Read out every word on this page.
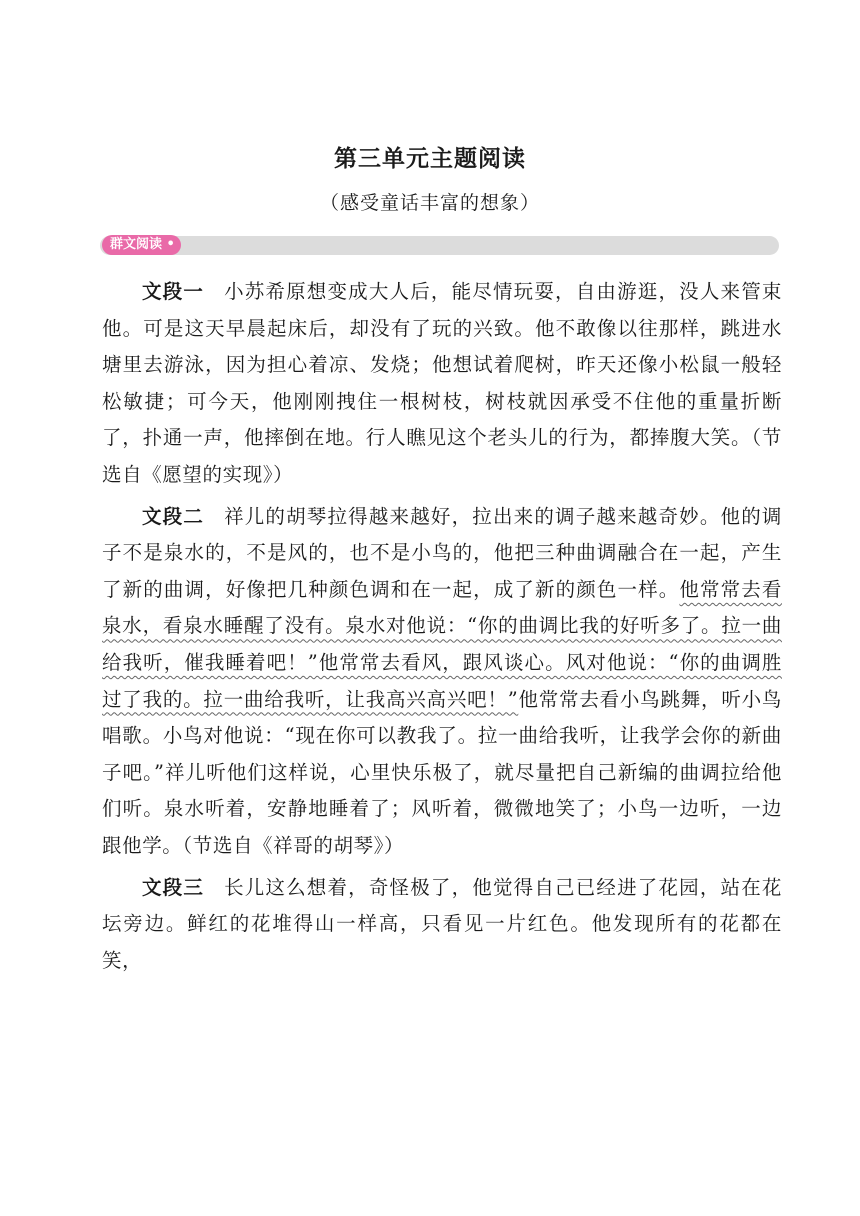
第三单元主题阅读
（感受童话丰富的想象）
群文阅读 •

文段一 小苏希原想变成大人后，能尽情玩耍，自由游逛，没人来管束他。可是这天早晨起床后，却没有了玩的兴致。他不敢像以往那样，跳进水塘里去游泳，因为担心着凉、发烧；他想试着爬树，昨天还像小松鼠一般轻松敏捷；可今天，他刚刚拽住一根树枝，树枝就因承受不住他的重量折断了，扑通一声，他摔倒在地。行人瞧见这个老头儿的行为，都捧腹大笑。（节选自《愿望的实现》）

文段二 祥儿的胡琴拉得越来越好，拉出来的调子越来越奇妙。他的调子不是泉水的，不是风的，也不是小鸟的，他把三种曲调融合在一起，产生了新的曲调，好像把几种颜色调和在一起，成了新的颜色一样。他常常去看泉水，看泉水睡醒了没有。泉水对他说：“你的曲调比我的好听多了。拉一曲给我听，催我睡着吧！”他常常去看风，跟风谈心。风对他说：“你的曲调胜过了我的。拉一曲给我听，让我高兴高兴吧！”他常常去看小鸟跳舞，听小鸟唱歌。小鸟对他说：“现在你可以教我了。拉一曲给我听，让我学会你的新曲子吧。”祥儿听他们这样说，心里快乐极了，就尽量把自己新编的曲调拉给他们听。泉水听着，安静地睡着了；风听着，微微地笑了；小鸟一边听，一边跟他学。（节选自《祥哥的胡琴》）

文段三 长儿这么想着，奇怪极了，他觉得自己已经进了花园，站在花坛旁边。鲜红的花堆得山一样高，只看见一片红色。他发现所有的花都在笑，
